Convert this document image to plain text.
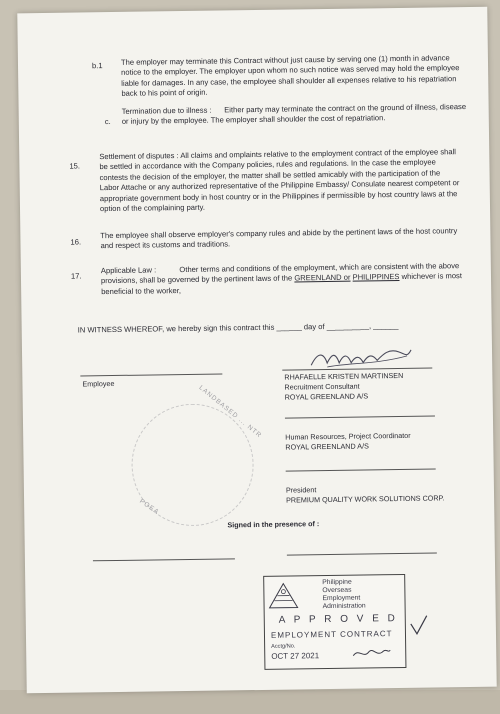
b.1 The employer may terminate this Contract without just cause by serving one (1) month in advance notice to the employer. The employer upon whom no such notice was served may hold the employee liable for damages. In any case, the employee shall shoulder all expenses relative to his repatriation back to his point of origin.
c.
Termination due to illness :      Either party may terminate the contract on the ground of illness, disease or injury by the employee. The employer shall shoulder the cost of repatriation.
15.
Settlement of disputes : All claims and omplaints relative to the employment contract of the employee shall be settled in accordance with the Company policies, rules and regulations. In the case the employee contests the decision of the employer, the matter shall be settled amicably with the participation of the Labor Attache or any authorized representative of the Philippine Embassy/ Consulate nearest competent or appropriate government body in host country or in the Philippines if permissible by host country laws at the option of the complaining party.
16.
The employee shall observe employer's company rules and abide by the pertinent laws of the host country and respect its customs and traditions.
17.
Applicable Law :	Other terms and conditions of the employment, which are consistent with the above provisions, shall be governed by the pertinent laws of the GREENLAND or PHILIPPINES whichever is most beneficial to the worker,
IN WITNESS WHEREOF, we hereby sign this contract this ______ day of __________, ______
Employee
RHAFAELLE KRISTEN MARTINSEN
Recruitment Consultant
ROYAL GREENLAND A/S
Human Resources, Project Coordinator
ROYAL GREENLAND A/S
President
PREMIUM QUALITY WORK SOLUTIONS CORP.
LANDBASED ... NTR
POEA
Signed in the presence of :
Philippine
Overseas
Employment
Administration
A P P R O V E D
EMPLOYMENT CONTRACT
Acctg/No.
OCT 27 2021
